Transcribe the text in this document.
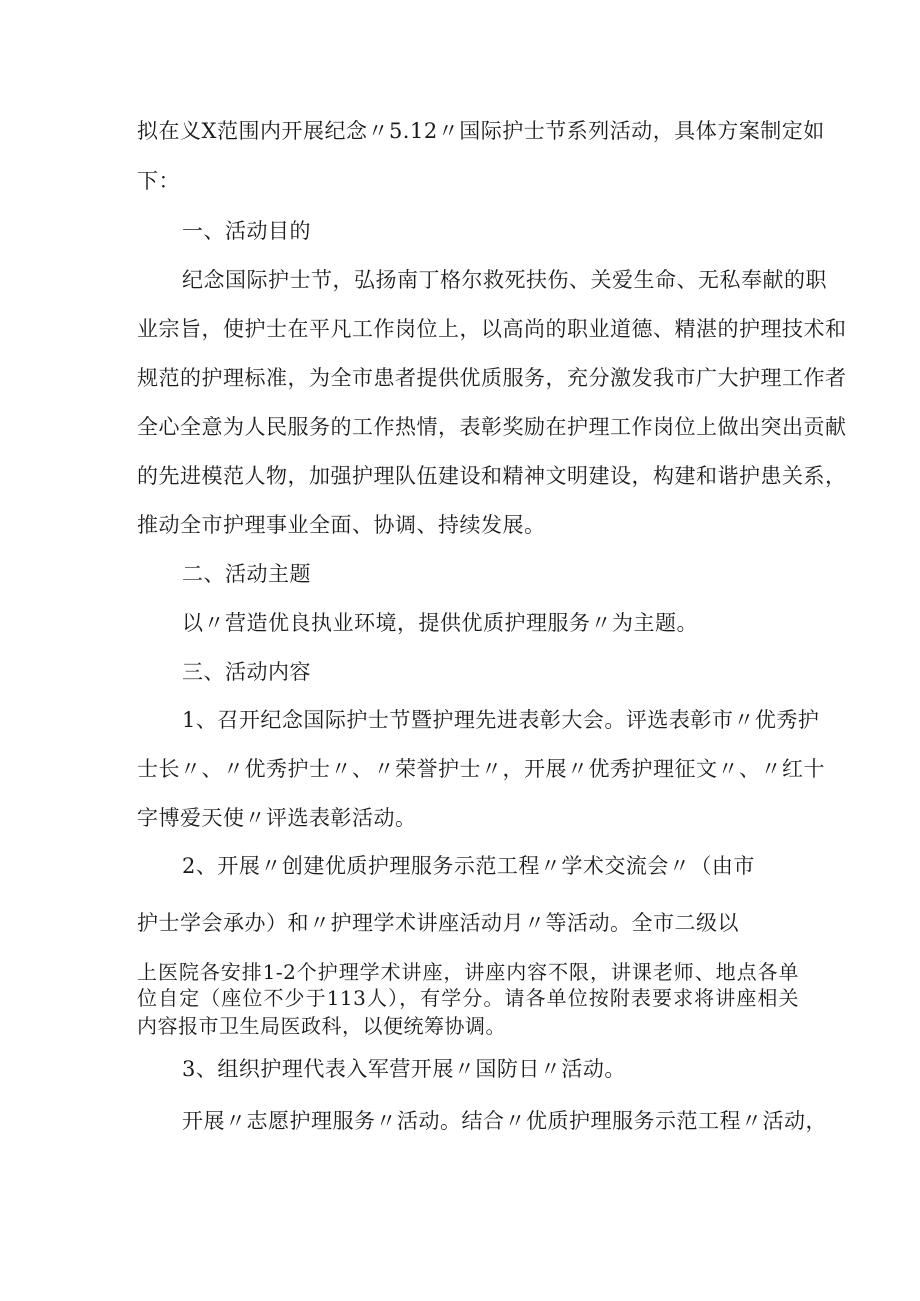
拟在义X范围内开展纪念〃5.12〃国际护士节系列活动，具体方案制定如
下：
一、活动目的
纪念国际护士节，弘扬南丁格尔救死扶伤、关爱生命、无私奉献的职
业宗旨，使护士在平凡工作岗位上，以高尚的职业道德、精湛的护理技术和
规范的护理标准，为全市患者提供优质服务，充分激发我市广大护理工作者
全心全意为人民服务的工作热情，表彰奖励在护理工作岗位上做出突出贡献
的先进模范人物，加强护理队伍建设和精神文明建设，构建和谐护患关系，
推动全市护理事业全面、协调、持续发展。
二、活动主题
以〃营造优良执业环境，提供优质护理服务〃为主题。
三、活动内容
1、召开纪念国际护士节暨护理先进表彰大会。评选表彰市〃优秀护
士长〃、〃优秀护士〃、〃荣誉护士〃，开展〃优秀护理征文〃、〃红十
字博爱天使〃评选表彰活动。
2、开展〃创建优质护理服务示范工程〃学术交流会〃（由市
护士学会承办）和〃护理学术讲座活动月〃等活动。全市二级以
上医院各安排1-2个护理学术讲座，讲座内容不限，讲课老师、地点各单
位自定（座位不少于113人），有学分。请各单位按附表要求将讲座相关
内容报市卫生局医政科，以便统筹协调。
3、组织护理代表入军营开展〃国防日〃活动。
开展〃志愿护理服务〃活动。结合〃优质护理服务示范工程〃活动，
